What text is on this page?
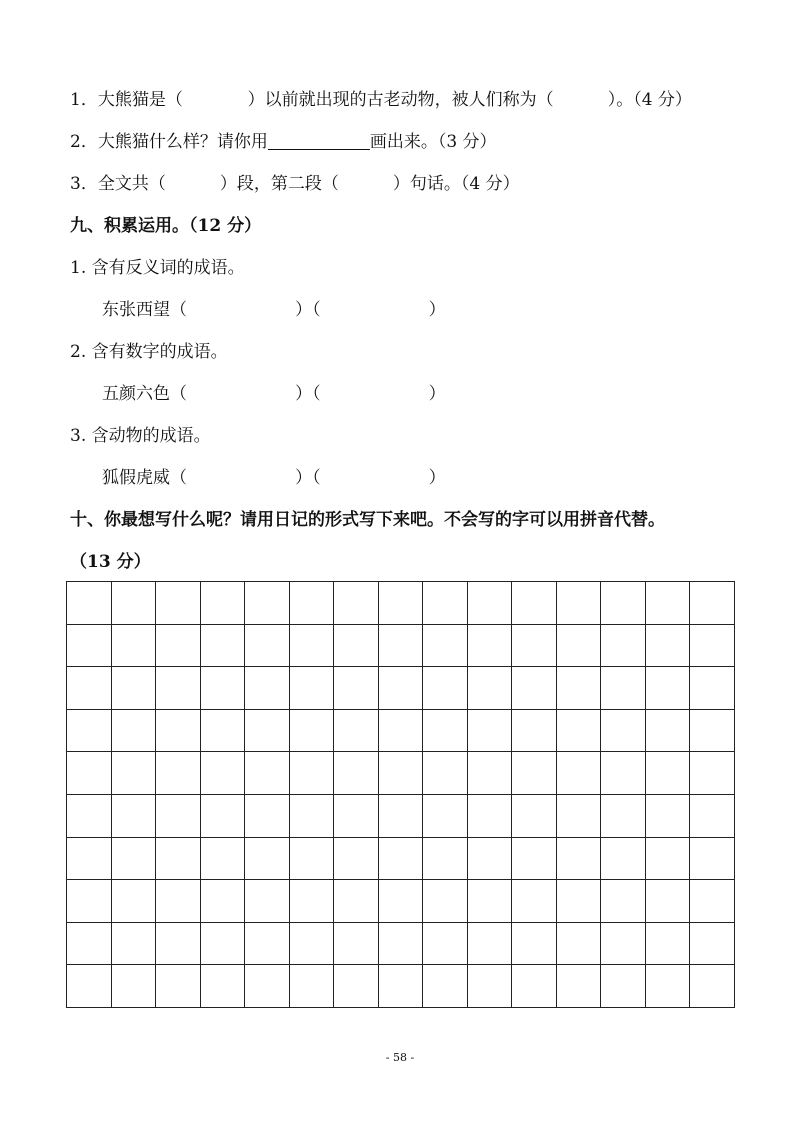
1．大熊猫是（            ）以前就出现的古老动物，被人们称为（          ）。（4 分）
2．大熊猫什么样？请你用	画出来。（3 分）
3．全文共（          ）段，第二段（          ）句话。（4 分）
九、积累运用。（12 分）
1. 含有反义词的成语。
东张西望（                    ）（                    ）
2. 含有数字的成语。
五颜六色（                    ）（                    ）
3. 含动物的成语。
狐假虎威（                    ）（                    ）
十、你最想写什么呢？请用日记的形式写下来吧。不会写的字可以用拼音代替。
（13 分）
- 58 -
